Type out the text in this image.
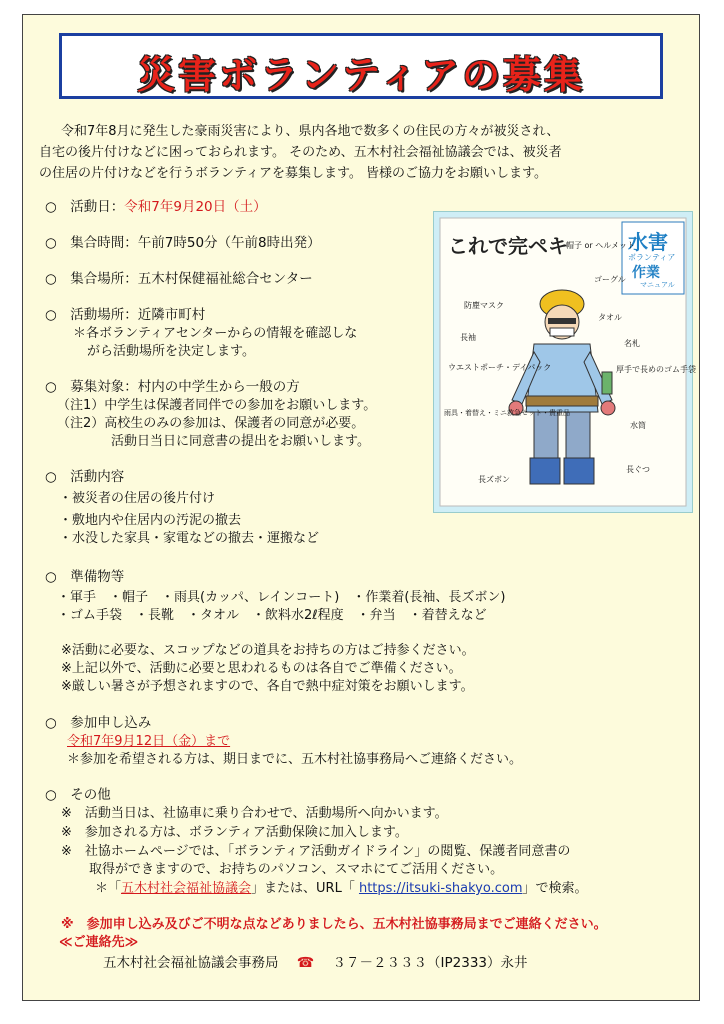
災害ボランティアの募集
令和7年8月に発生した豪雨災害により、県内各地で数多くの住民の方々が被災され、
自宅の後片付けなどに困っておられます。 そのため、五木村社会福祉協議会では、被災者
の住居の片付けなどを行うボランティアを募集します。 皆様のご協力をお願いします。
○　活動日：令和7年9月20日（土）
○　集合時間：午前7時50分（午前8時出発）
○　集合場所：五木村保健福祉総合センター
○　活動場所：近隣市町村
＊各ボランティアセンターからの情報を確認しな
がら活動場所を決定します。
○　募集対象：村内の中学生から一般の方
（注1）中学生は保護者同伴での参加をお願いします。
（注2）高校生のみの参加は、保護者の同意が必要。
活動日当日に同意書の提出をお願いします。
○　活動内容
・被災者の住居の後片付け
・敷地内や住居内の汚泥の撤去
・水没した家具・家電などの撤去・運搬など
○　準備物等
・軍手　・帽子　・雨具(カッパ、レインコート)　・作業着(長袖、長ズボン)
・ゴム手袋　・長靴　・タオル　・飲料水2ℓ程度　・弁当　・着替えなど
※活動に必要な、スコップなどの道具をお持ちの方はご持参ください。
※上記以外で、活動に必要と思われるものは各自でご準備ください。
※厳しい暑さが予想されますので、各自で熱中症対策をお願いします。
○　参加申し込み
令和7年9月12日（金）まで
＊参加を希望される方は、期日までに、五木村社協事務局へご連絡ください。
○　その他
※　活動当日は、社協車に乗り合わせで、活動場所へ向かいます。
※　参加される方は、ボランティア活動保険に加入します。
※　社協ホームページでは、「ボランティア活動ガイドライン」の閲覧、保護者同意書の
取得ができますので、お持ちのパソコン、スマホにてご活用ください。
＊「五木村社会福祉協議会」または、URL「 https://itsuki-shakyo.com」で検索。
※　参加申し込み及びご不明な点などありましたら、五木村社協事務局までご連絡ください。
≪ご連絡先≫
五木村社会福祉協議会事務局 ☎ ３７－２３３３（IP2333）永井
これで完ペキ	水害
ボランティア
作業
マニュアル
帽子 or ヘルメット
ゴーグル
防塵マスク
タオル
長袖
名札
ウエストポーチ・デイパック	厚手で長めのゴム手袋
雨具・着替え・ミニ救急セット・貴重品
水筒
長ズボン
長ぐつ
